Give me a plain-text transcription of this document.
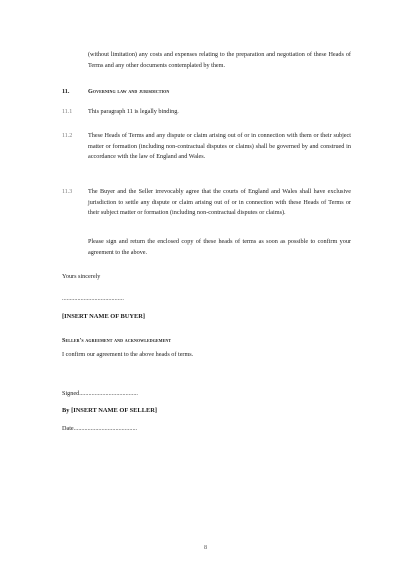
(without limitation) any costs and expenses relating to the preparation and negotiation of these Heads of Terms and any other documents contemplated by them.
11.	Governing law and jurisdiction
11.1	This paragraph 11 is legally binding.
11.2	These Heads of Terms and any dispute or claim arising out of or in connection with them or their subject matter or formation (including non-contractual disputes or claims) shall be governed by and construed in accordance with the law of England and Wales.
11.3	The Buyer and the Seller irrevocably agree that the courts of England and Wales shall have exclusive jurisdiction to settle any dispute or claim arising out of or in connection with these Heads of Terms or their subject matter or formation (including non-contractual disputes or claims).
Please sign and return the enclosed copy of these heads of terms as soon as possible to confirm your agreement to the above.
Yours sincerely
........................................
[INSERT NAME OF BUYER]
Seller's agreement and acknowledgement
I confirm our agreement to the above heads of terms.
Signed......................................
By [INSERT NAME OF SELLER]
Date.........................................
8
